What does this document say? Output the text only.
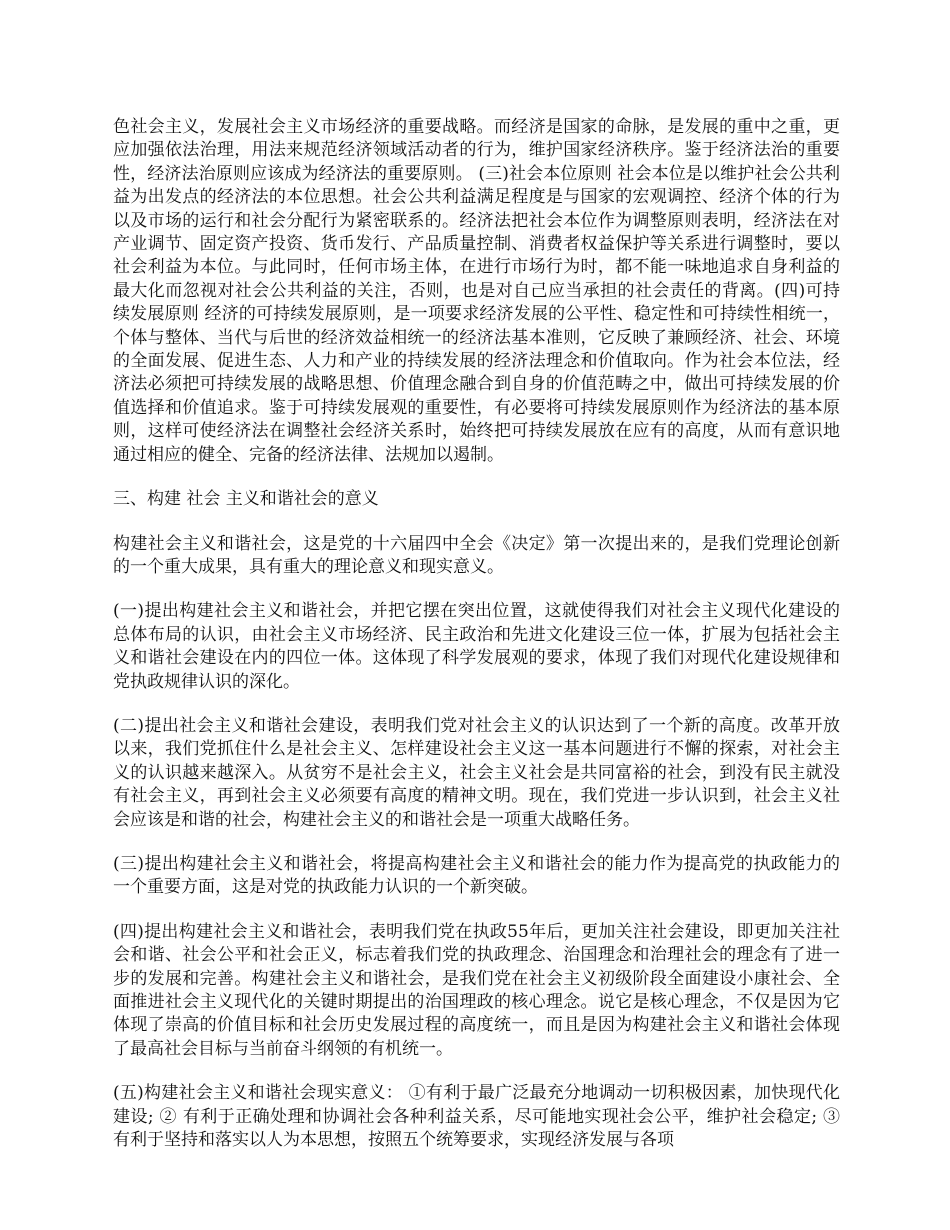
色社会主义，发展社会主义市场经济的重要战略。而经济是国家的命脉，是发展的重中之重，更应加强依法治理，用法来规范经济领域活动者的行为，维护国家经济秩序。鉴于经济法治的重要性，经济法治原则应该成为经济法的重要原则。 (三)社会本位原则 社会本位是以维护社会公共利益为出发点的经济法的本位思想。社会公共利益满足程度是与国家的宏观调控、经济个体的行为以及市场的运行和社会分配行为紧密联系的。经济法把社会本位作为调整原则表明，经济法在对产业调节、固定资产投资、货币发行、产品质量控制、消费者权益保护等关系进行调整时，要以社会利益为本位。与此同时，任何市场主体，在进行市场行为时，都不能一味地追求自身利益的最大化而忽视对社会公共利益的关注，否则，也是对自己应当承担的社会责任的背离。(四)可持续发展原则 经济的可持续发展原则，是一项要求经济发展的公平性、稳定性和可持续性相统一，个体与整体、当代与后世的经济效益相统一的经济法基本准则，它反映了兼顾经济、社会、环境的全面发展、促进生态、人力和产业的持续发展的经济法理念和价值取向。作为社会本位法，经济法必须把可持续发展的战略思想、价值理念融合到自身的价值范畴之中，做出可持续发展的价值选择和价值追求。鉴于可持续发展观的重要性，有必要将可持续发展原则作为经济法的基本原则，这样可使经济法在调整社会经济关系时，始终把可持续发展放在应有的高度，从而有意识地通过相应的健全、完备的经济法律、法规加以遏制。

三、构建 社会 主义和谐社会的意义

构建社会主义和谐社会，这是党的十六届四中全会《决定》第一次提出来的，是我们党理论创新的一个重大成果，具有重大的理论意义和现实意义。

(一)提出构建社会主义和谐社会，并把它摆在突出位置，这就使得我们对社会主义现代化建设的总体布局的认识，由社会主义市场经济、民主政治和先进文化建设三位一体，扩展为包括社会主义和谐社会建设在内的四位一体。这体现了科学发展观的要求，体现了我们对现代化建设规律和党执政规律认识的深化。

(二)提出社会主义和谐社会建设，表明我们党对社会主义的认识达到了一个新的高度。改革开放以来，我们党抓住什么是社会主义、怎样建设社会主义这一基本问题进行不懈的探索，对社会主义的认识越来越深入。从贫穷不是社会主义，社会主义社会是共同富裕的社会，到没有民主就没有社会主义，再到社会主义必须要有高度的精神文明。现在，我们党进一步认识到，社会主义社会应该是和谐的社会，构建社会主义的和谐社会是一项重大战略任务。

(三)提出构建社会主义和谐社会，将提高构建社会主义和谐社会的能力作为提高党的执政能力的一个重要方面，这是对党的执政能力认识的一个新突破。

(四)提出构建社会主义和谐社会，表明我们党在执政55年后，更加关注社会建设，即更加关注社会和谐、社会公平和社会正义，标志着我们党的执政理念、治国理念和治理社会的理念有了进一步的发展和完善。构建社会主义和谐社会，是我们党在社会主义初级阶段全面建设小康社会、全面推进社会主义现代化的关键时期提出的治国理政的核心理念。说它是核心理念，不仅是因为它体现了崇高的价值目标和社会历史发展过程的高度统一，而且是因为构建社会主义和谐社会体现了最高社会目标与当前奋斗纲领的有机统一。

(五)构建社会主义和谐社会现实意义： ①有利于最广泛最充分地调动一切积极因素，加快现代化建设; ② 有利于正确处理和协调社会各种利益关系，尽可能地实现社会公平，维护社会稳定; ③ 有利于坚持和落实以人为本思想，按照五个统筹要求，实现经济发展与各项
